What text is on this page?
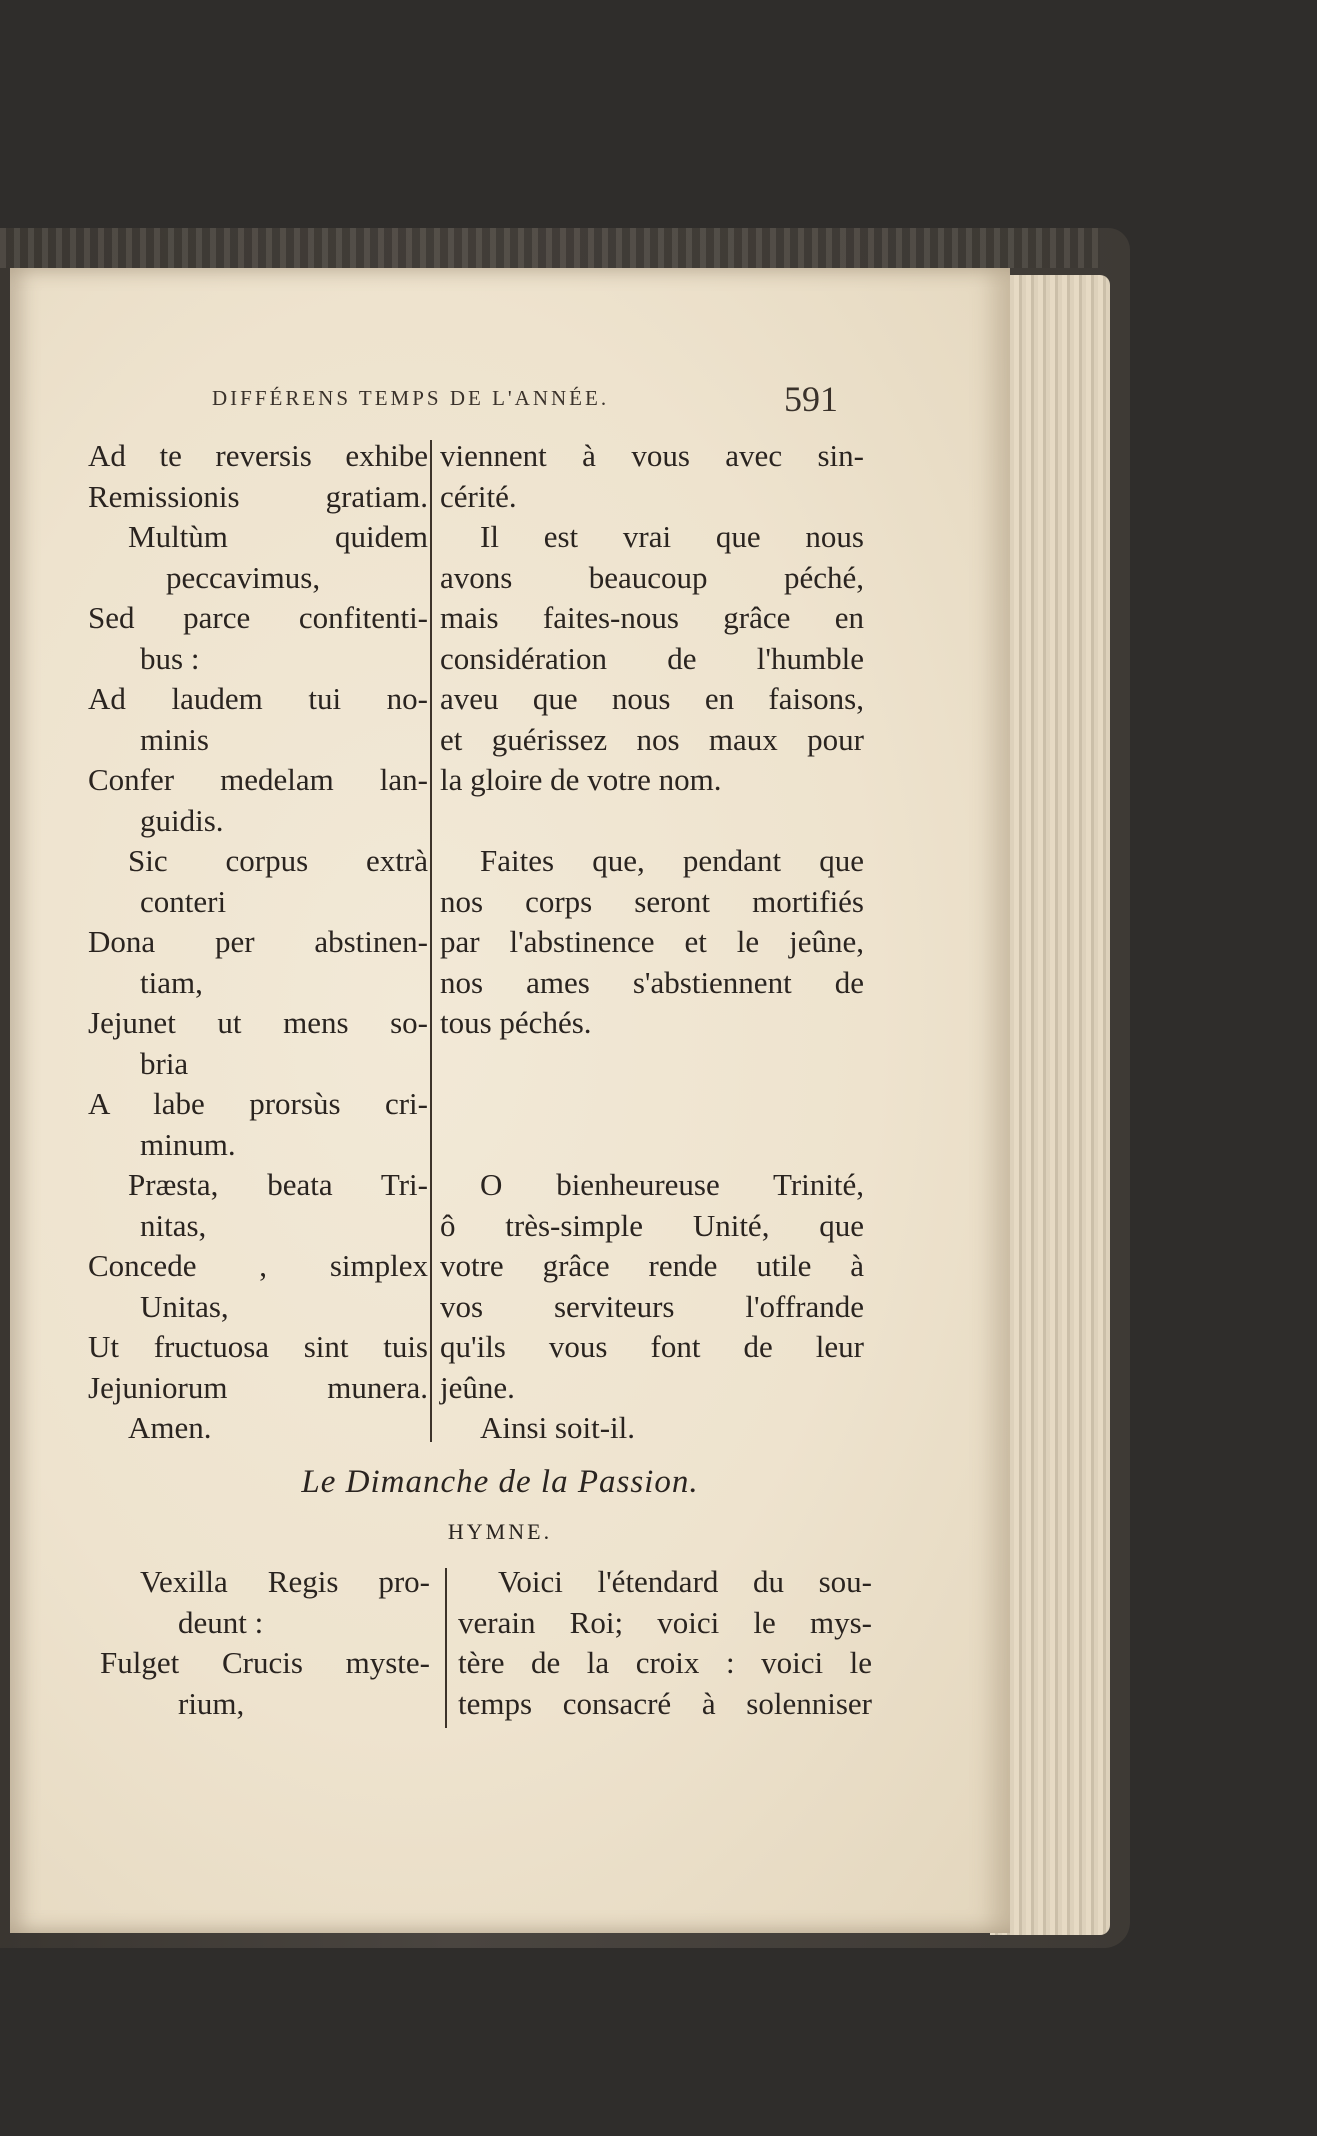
DIFFÉRENS TEMPS DE L'ANNÉE.	591
Ad te reversis exhibe
Remissionis gratiam.
Multùm quidem
peccavimus,
Sed parce confitenti-
bus :
Ad laudem tui no-
minis
Confer medelam lan-
guidis.
Sic corpus extrà
conteri
Dona per abstinen-
tiam,
Jejunet ut mens so-
bria
A labe prorsùs cri-
minum.
Præsta, beata Tri-
nitas,
Concede , simplex
Unitas,
Ut fructuosa sint tuis
Jejuniorum munera.
Amen.
viennent à vous avec sin-
cérité.
Il est vrai que nous
avons beaucoup péché,
mais faites-nous grâce en
considération de l'humble
aveu que nous en faisons,
et guérissez nos maux pour
la gloire de votre nom.
Faites que, pendant que
nos corps seront mortifiés
par l'abstinence et le jeûne,
nos ames s'abstiennent de
tous péchés.
O bienheureuse Trinité,
ô très-simple Unité, que
votre grâce rende utile à
vos serviteurs l'offrande
qu'ils vous font de leur
jeûne.
Ainsi soit-il.
Le Dimanche de la Passion.
HYMNE.
Vexilla Regis pro-
deunt :
Fulget Crucis myste-
rium,
Voici l'étendard du sou-
verain Roi; voici le mys-
tère de la croix : voici le
temps consacré à solenniser
